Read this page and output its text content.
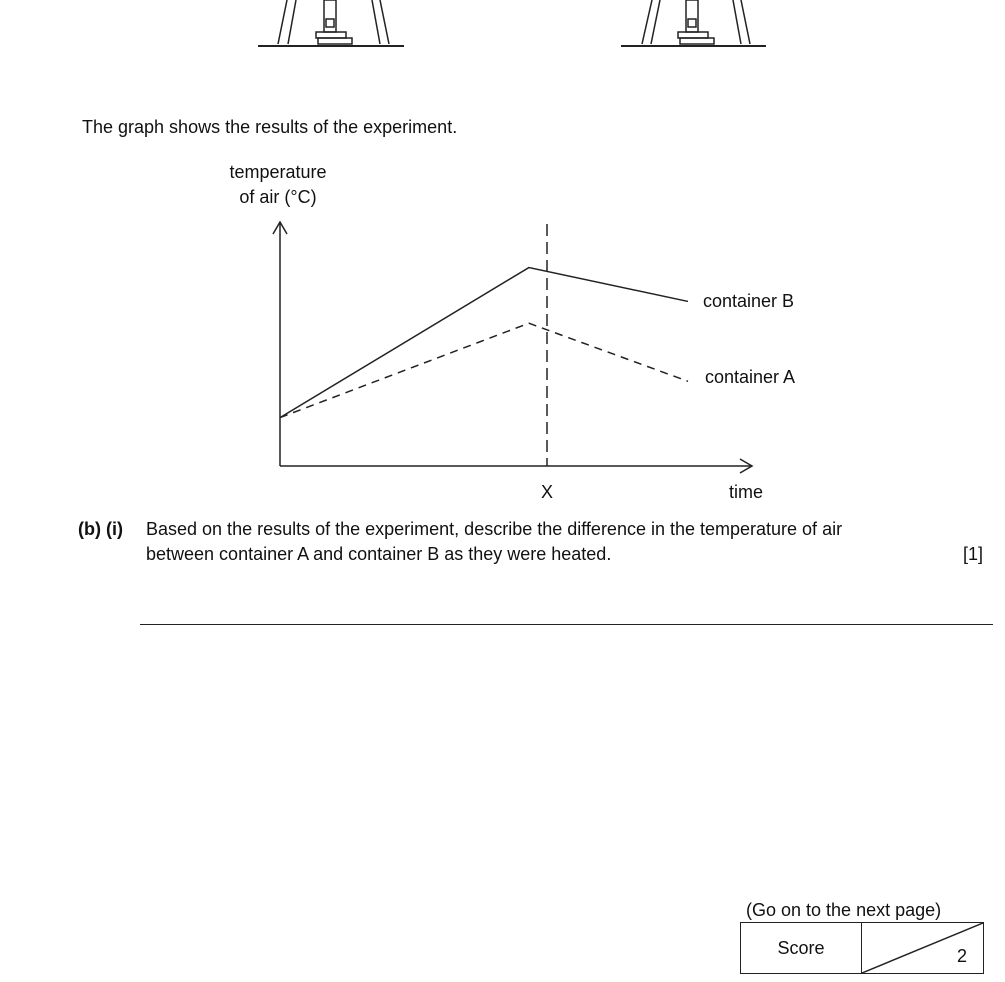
The graph shows the results of the experiment.
temperature
of air (°C)
X	time
container B
container A
(b) (i) Based on the results of the experiment, describe the difference in the temperature of air
between container A and container B as they were heated.	[1]
(Go on to the next page)
Score	2
